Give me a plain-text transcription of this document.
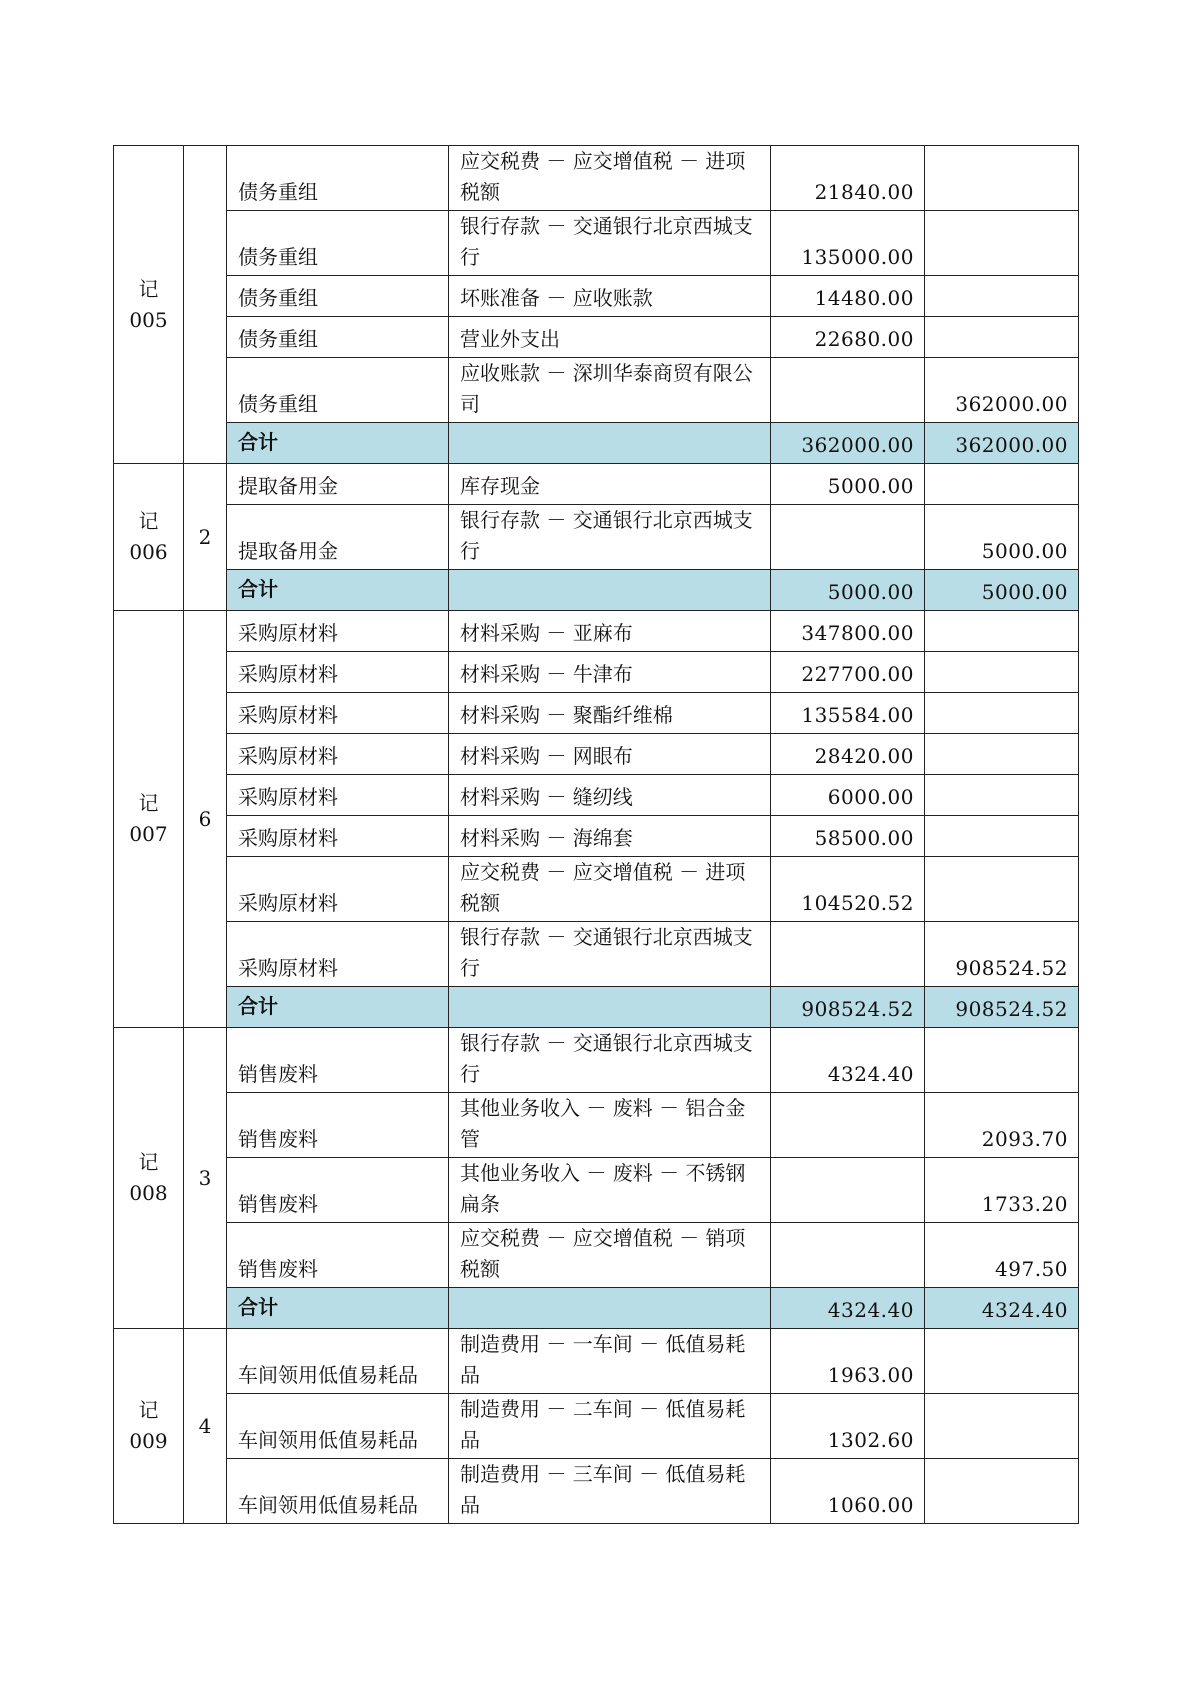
记
005		债务重组	应交税费 － 应交增值税 － 进项税额	21840.00	
		债务重组	银行存款 － 交通银行北京西城支行	135000.00	
		债务重组	坏账准备 － 应收账款	14480.00	
		债务重组	营业外支出	22680.00	
		债务重组	应收账款 － 深圳华泰商贸有限公司		362000.00
		合计		362000.00	362000.00

记
006	2	提取备用金	库存现金	5000.00	
		提取备用金	银行存款 － 交通银行北京西城支行		5000.00
		合计		5000.00	5000.00

记
007	6	采购原材料	材料采购 － 亚麻布	347800.00	
		采购原材料	材料采购 － 牛津布	227700.00	
		采购原材料	材料采购 － 聚酯纤维棉	135584.00	
		采购原材料	材料采购 － 网眼布	28420.00	
		采购原材料	材料采购 － 缝纫线	6000.00	
		采购原材料	材料采购 － 海绵套	58500.00	
		采购原材料	应交税费 － 应交增值税 － 进项税额	104520.52	
		采购原材料	银行存款 － 交通银行北京西城支行		908524.52
		合计		908524.52	908524.52

记
008	3	销售废料	银行存款 － 交通银行北京西城支行	4324.40	
		销售废料	其他业务收入 － 废料 － 铝合金管		2093.70
		销售废料	其他业务收入 － 废料 － 不锈钢扁条		1733.20
		销售废料	应交税费 － 应交增值税 － 销项税额		497.50
		合计		4324.40	4324.40

记
009	4	车间领用低值易耗品	制造费用 － 一车间 － 低值易耗品	1963.00	
		车间领用低值易耗品	制造费用 － 二车间 － 低值易耗品	1302.60	
		车间领用低值易耗品	制造费用 － 三车间 － 低值易耗品	1060.00	
